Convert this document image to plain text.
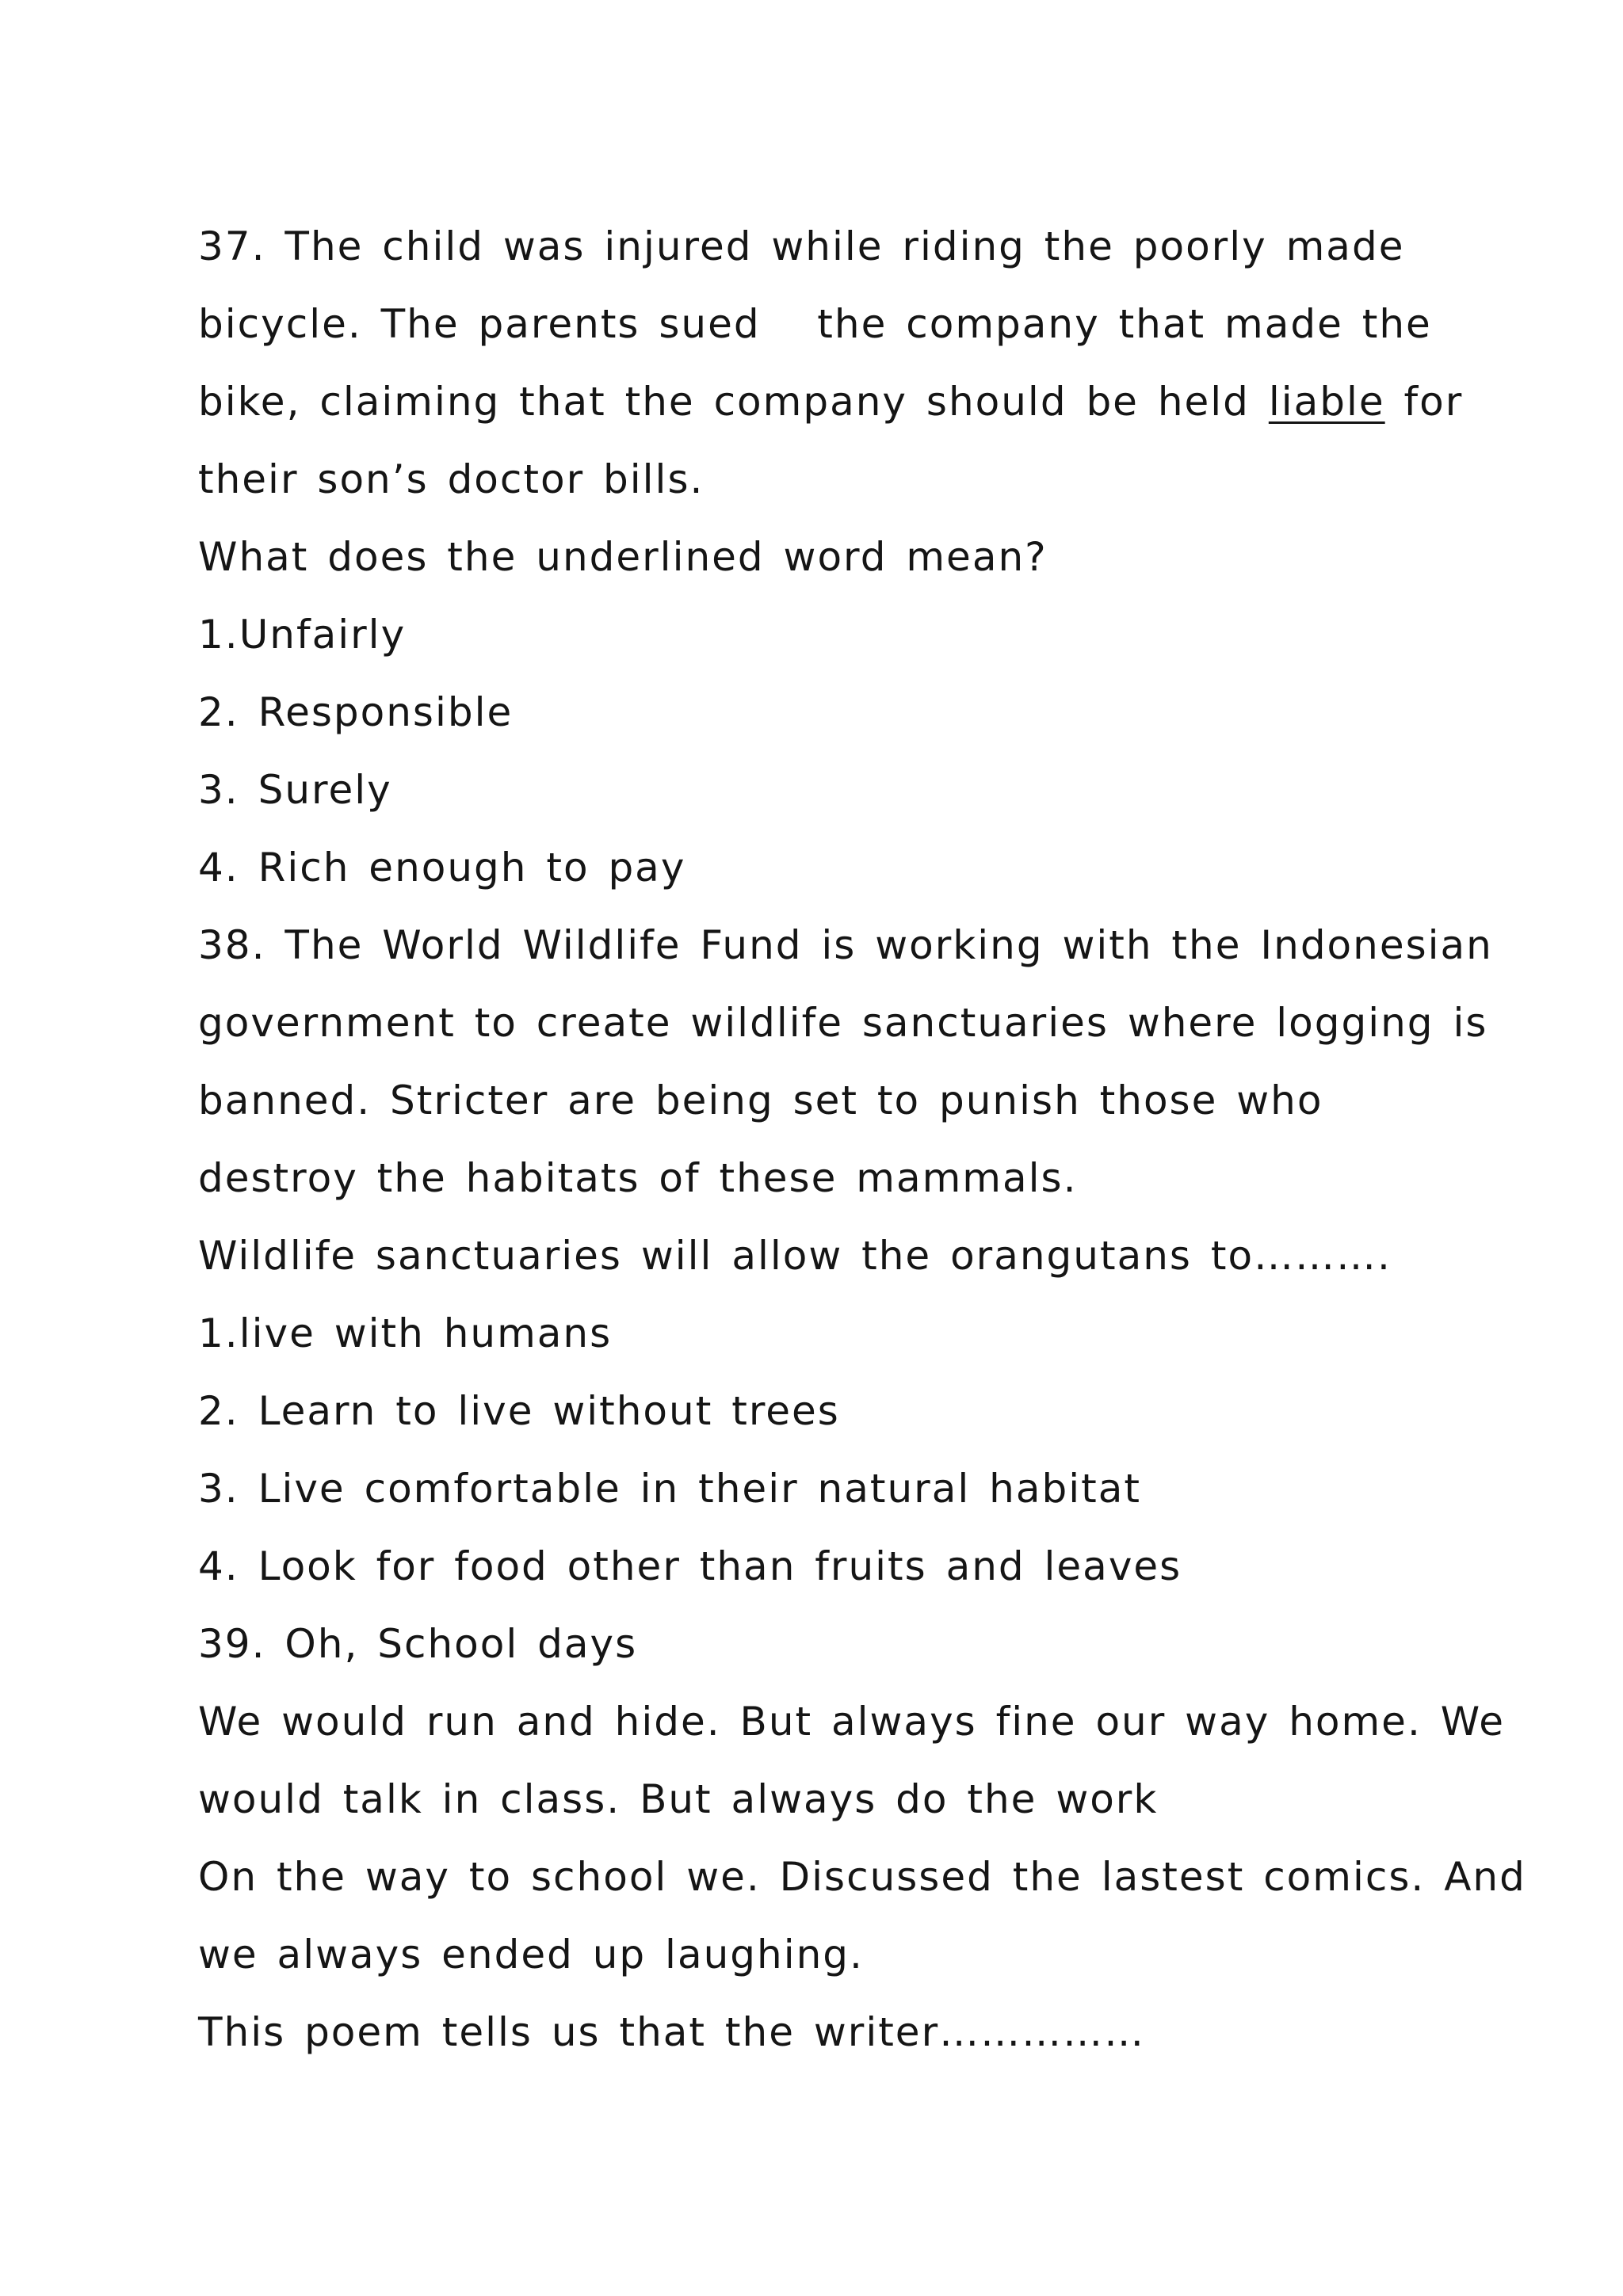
37. The child was injured while riding the poorly made
bicycle. The parents sued   the company that made the
bike, claiming that the company should be held liable for
their son’s doctor bills.
What does the underlined word mean?
1.Unfairly
2. Responsible
3. Surely
4. Rich enough to pay
38. The World Wildlife Fund is working with the Indonesian
government to create wildlife sanctuaries where logging is
banned. Stricter are being set to punish those who
destroy the habitats of these mammals.
Wildlife sanctuaries will allow the orangutans to……….
1.live with humans
2. Learn to live without trees
3. Live comfortable in their natural habitat
4. Look for food other than fruits and leaves
39. Oh, School days
We would run and hide. But always fine our way home. We
would talk in class. But always do the work
On the way to school we. Discussed the lastest comics. And
we always ended up laughing.
This poem tells us that the writer……………
